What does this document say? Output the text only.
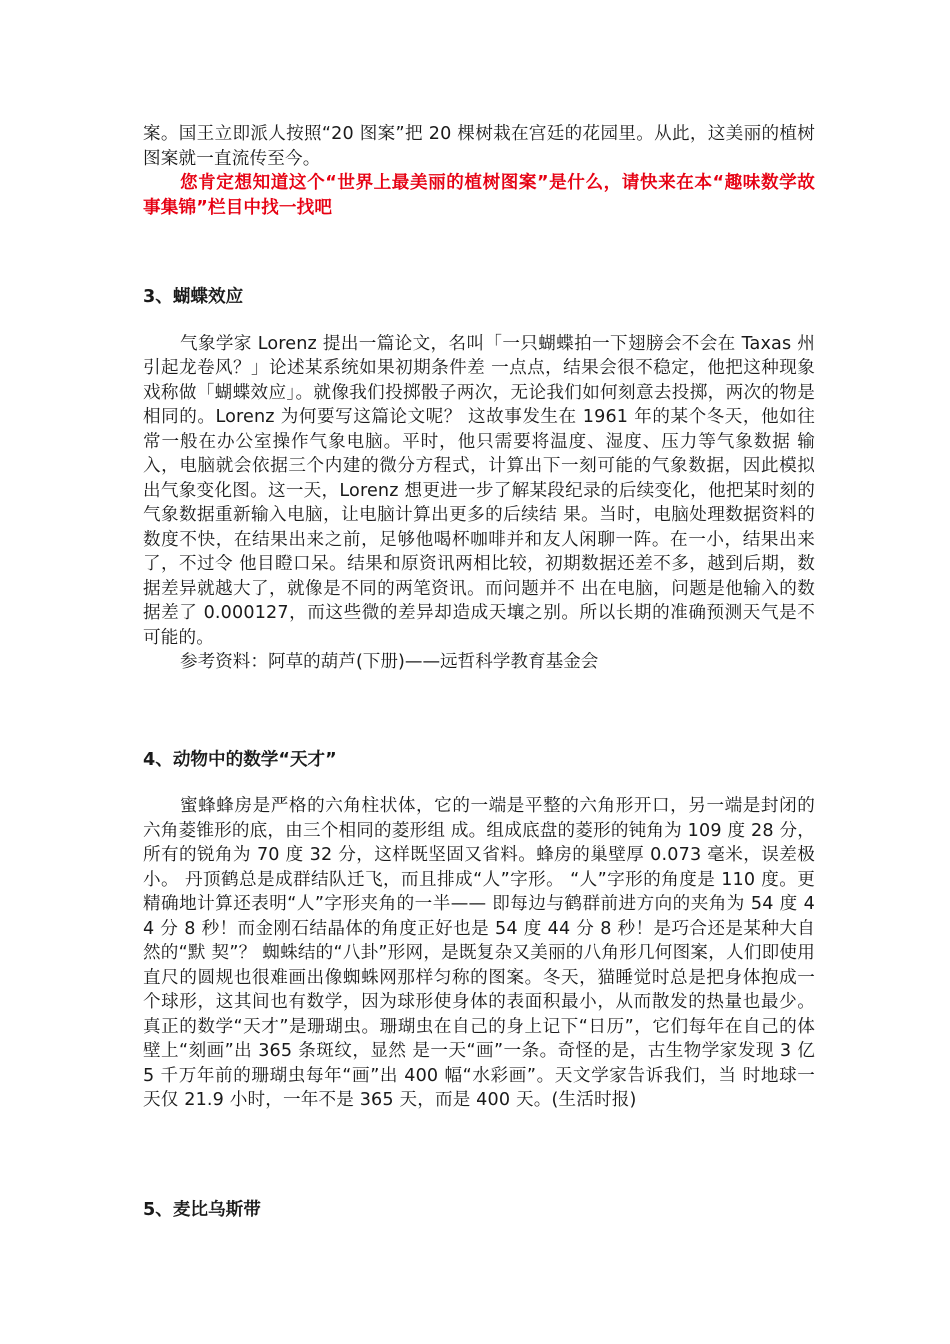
案。国王立即派人按照“20 图案”把 20 棵树栽在宫廷的花园里。从此，这美丽的植树图案就一直流传至今。

您肯定想知道这个“世界上最美丽的植树图案”是什么，请快来在本“趣味数学故事集锦”栏目中找一找吧

3、蝴蝶效应

气象学家 Lorenz 提出一篇论文，名叫「一只蝴蝶拍一下翅膀会不会在 Taxas 州引起龙卷风？」论述某系统如果初期条件差 一点点，结果会很不稳定，他把这种现象戏称做「蝴蝶效应」。就像我们投掷骰子两次，无论我们如何刻意去投掷，两次的物是相同的。Lorenz 为何要写这篇论文呢？ 这故事发生在 1961 年的某个冬天，他如往常一般在办公室操作气象电脑。平时，他只需要将温度、湿度、压力等气象数据 输入，电脑就会依据三个内建的微分方程式，计算出下一刻可能的气象数据，因此模拟出气象变化图。这一天，Lorenz 想更进一步了解某段纪录的后续变化，他把某时刻的气象数据重新输入电脑，让电脑计算出更多的后续结 果。当时，电脑处理数据资料的数度不快，在结果出来之前，足够他喝杯咖啡并和友人闲聊一阵。在一小，结果出来了，不过令 他目瞪口呆。结果和原资讯两相比较，初期数据还差不多，越到后期，数据差异就越大了，就像是不同的两笔资讯。而问题并不 出在电脑，问题是他输入的数据差了 0.000127，而这些微的差异却造成天壤之别。所以长期的准确预测天气是不可能的。

参考资料：阿草的葫芦(下册)——远哲科学教育基金会

4、动物中的数学“天才”

蜜蜂蜂房是严格的六角柱状体，它的一端是平整的六角形开口，另一端是封闭的六角菱锥形的底，由三个相同的菱形组 成。组成底盘的菱形的钝角为 109 度 28 分，所有的锐角为 70 度 32 分，这样既坚固又省料。蜂房的巢壁厚 0.073 毫米，误差极小。 丹顶鹤总是成群结队迁飞，而且排成“人”字形。 “人”字形的角度是 110 度。更精确地计算还表明“人”字形夹角的一半—— 即每边与鹤群前进方向的夹角为 54 度 44 分 8 秒！而金刚石结晶体的角度正好也是 54 度 44 分 8 秒！是巧合还是某种大自然的“默 契”？ 蜘蛛结的“八卦”形网，是既复杂又美丽的八角形几何图案，人们即使用直尺的圆规也很难画出像蜘蛛网那样匀称的图案。冬天，猫睡觉时总是把身体抱成一个球形，这其间也有数学，因为球形使身体的表面积最小，从而散发的热量也最少。 真正的数学“天才”是珊瑚虫。珊瑚虫在自己的身上记下“日历”，它们每年在自己的体壁上“刻画”出 365 条斑纹，显然 是一天“画”一条。奇怪的是，古生物学家发现 3 亿 5 千万年前的珊瑚虫每年“画”出 400 幅“水彩画”。天文学家告诉我们，当 时地球一天仅 21.9 小时，一年不是 365 天，而是 400 天。(生活时报)

5、麦比乌斯带
